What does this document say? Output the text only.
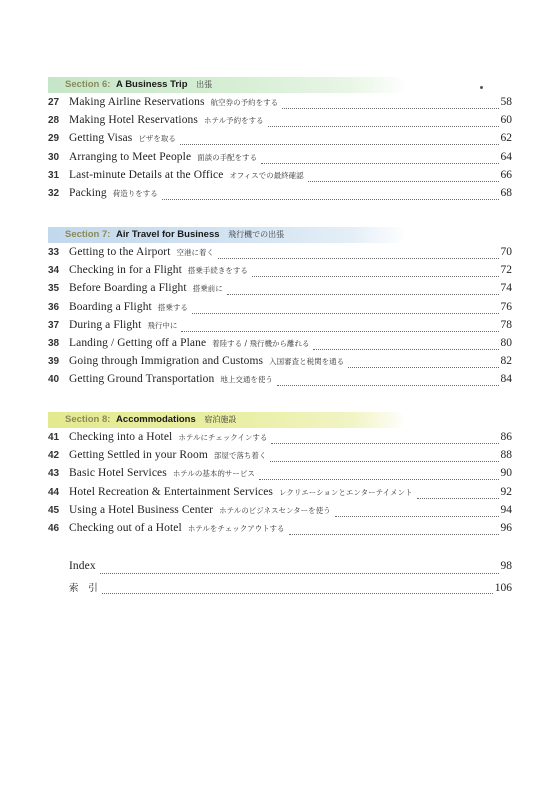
Section 6: A Business Trip 出張
27 Making Airline Reservations 航空券の予約をする	58
28 Making Hotel Reservations ホテル予約をする	60
29 Getting Visas ビザを取る	62
30 Arranging to Meet People 面談の手配をする	64
31 Last-minute Details at the Office オフィスでの最終確認	66
32 Packing 荷造りをする	68
Section 7: Air Travel for Business 飛行機での出張
33 Getting to the Airport 空港に着く	70
34 Checking in for a Flight 搭乗手続きをする	72
35 Before Boarding a Flight 搭乗前に	74
36 Boarding a Flight 搭乗する	76
37 During a Flight 飛行中に	78
38 Landing / Getting off a Plane 着陸する / 飛行機から離れる	80
39 Going through Immigration and Customs 入国審査と税関を通る	82
40 Getting Ground Transportation 地上交通を使う	84
Section 8: Accommodations 宿泊施設
41 Checking into a Hotel ホテルにチェックインする	86
42 Getting Settled in your Room 部屋で落ち着く	88
43 Basic Hotel Services ホテルの基本的サービス	90
44 Hotel Recreation & Entertainment Services レクリエーションとエンターテイメント	92
45 Using a Hotel Business Center ホテルのビジネスセンターを使う	94
46 Checking out of a Hotel ホテルをチェックアウトする	96
Index	98
索　引	106
